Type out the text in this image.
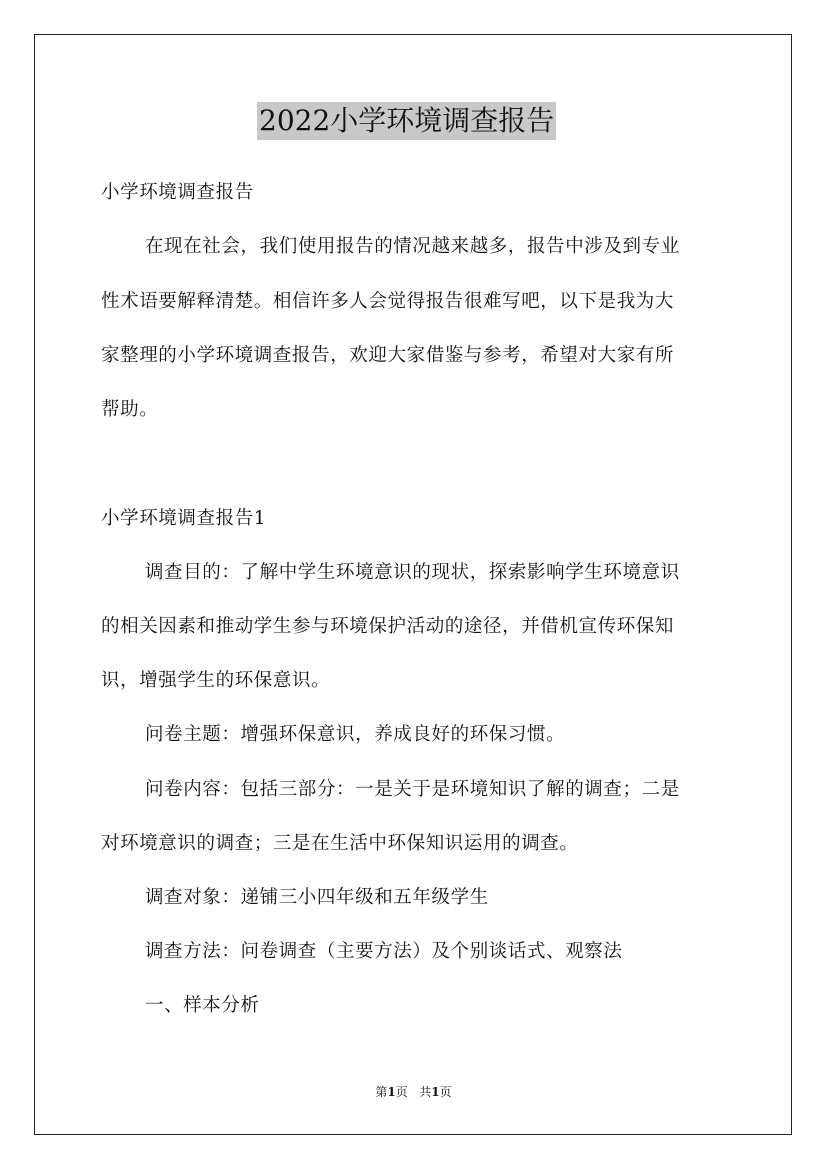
2022小学环境调查报告
小学环境调查报告
在现在社会，我们使用报告的情况越来越多，报告中涉及到专业
性术语要解释清楚。相信许多人会觉得报告很难写吧，以下是我为大
家整理的小学环境调查报告，欢迎大家借鉴与参考，希望对大家有所
帮助。
小学环境调查报告1
调查目的：了解中学生环境意识的现状，探索影响学生环境意识
的相关因素和推动学生参与环境保护活动的途径，并借机宣传环保知
识，增强学生的环保意识。
问卷主题：增强环保意识，养成良好的环保习惯。
问卷内容：包括三部分：一是关于是环境知识了解的调查；二是
对环境意识的调查；三是在生活中环保知识运用的调查。
调查对象：递铺三小四年级和五年级学生
调查方法：问卷调查（主要方法）及个别谈话式、观察法
一、样本分析
第1页 共1页
